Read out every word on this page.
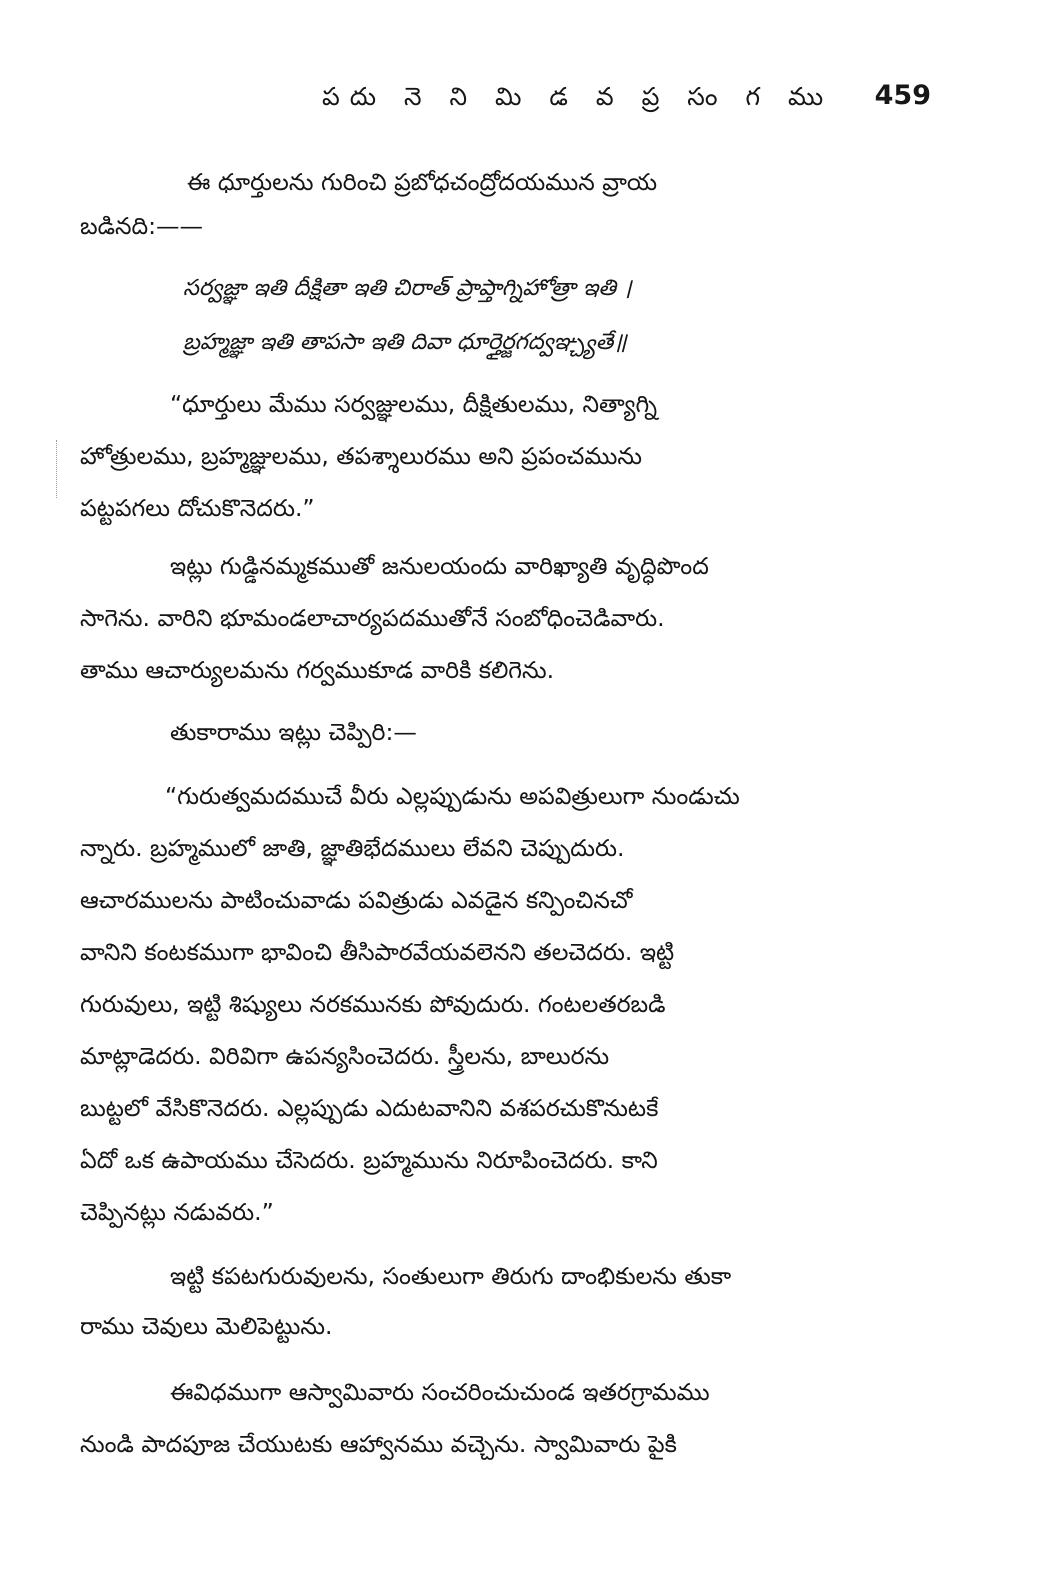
పదు నె ని మి డ వ ప్ర సం గ ము 459
ఈ ధూర్తులను గురించి ప్రబోధచంద్రోదయమున వ్రాయ
బడినది:——
సర్వజ్ఞా ఇతి దీక్షితా ఇతి చిరాత్ ప్రాప్తాగ్నిహోత్రా ఇతి ।
బ్రహ్మజ్ఞా ఇతి తాపసా ఇతి దివా ధూర్తైర్జగద్వఞ్చ్యతే॥
“ధూర్తులు మేము సర్వజ్ఞులము, దీక్షితులము, నిత్యాగ్ని
హోత్రులము, బ్రహ్మజ్ఞులము, తపశ్శాలురము అని ప్రపంచమును
పట్టపగలు దోచుకొనెదరు.”
ఇట్లు గుడ్డినమ్మకముతో జనులయందు వారిఖ్యాతి వృద్ధిపొంద
సాగెను. వారిని భూమండలాచార్యపదముతోనే సంబోధించెడివారు.
తాము ఆచార్యులమను గర్వముకూడ వారికి కలిగెను.
తుకారాము ఇట్లు చెప్పిరి:—
“గురుత్వమదముచే వీరు ఎల్లప్పుడును అపవిత్రులుగా నుండుచు
న్నారు. బ్రహ్మములో జాతి, జ్ఞాతిభేదములు లేవని చెప్పుదురు.
ఆచారములను పాటించువాడు పవిత్రుడు ఎవడైన కన్పించినచో
వానిని కంటకముగా భావించి తీసిపారవేయవలెనని తలచెదరు. ఇట్టి
గురువులు, ఇట్టి శిష్యులు నరకమునకు పోవుదురు. గంటలతరబడి
మాట్లాడెదరు. విరివిగా ఉపన్యసించెదరు. స్త్రీలను, బాలురను
బుట్టలో వేసికొనెదరు. ఎల్లప్పుడు ఎదుటవానిని వశపరచుకొనుటకే
ఏదో ఒక ఉపాయము చేసెదరు. బ్రహ్మమును నిరూపించెదరు. కాని
చెప్పినట్లు నడువరు.”
ఇట్టి కపటగురువులను, సంతులుగా తిరుగు దాంభికులను తుకా
రాము చెవులు మెలిపెట్టును.
ఈవిధముగా ఆస్వామివారు సంచరించుచుండ ఇతరగ్రామము
నుండి పాదపూజ చేయుటకు ఆహ్వానము వచ్చెను. స్వామివారు పైకి
